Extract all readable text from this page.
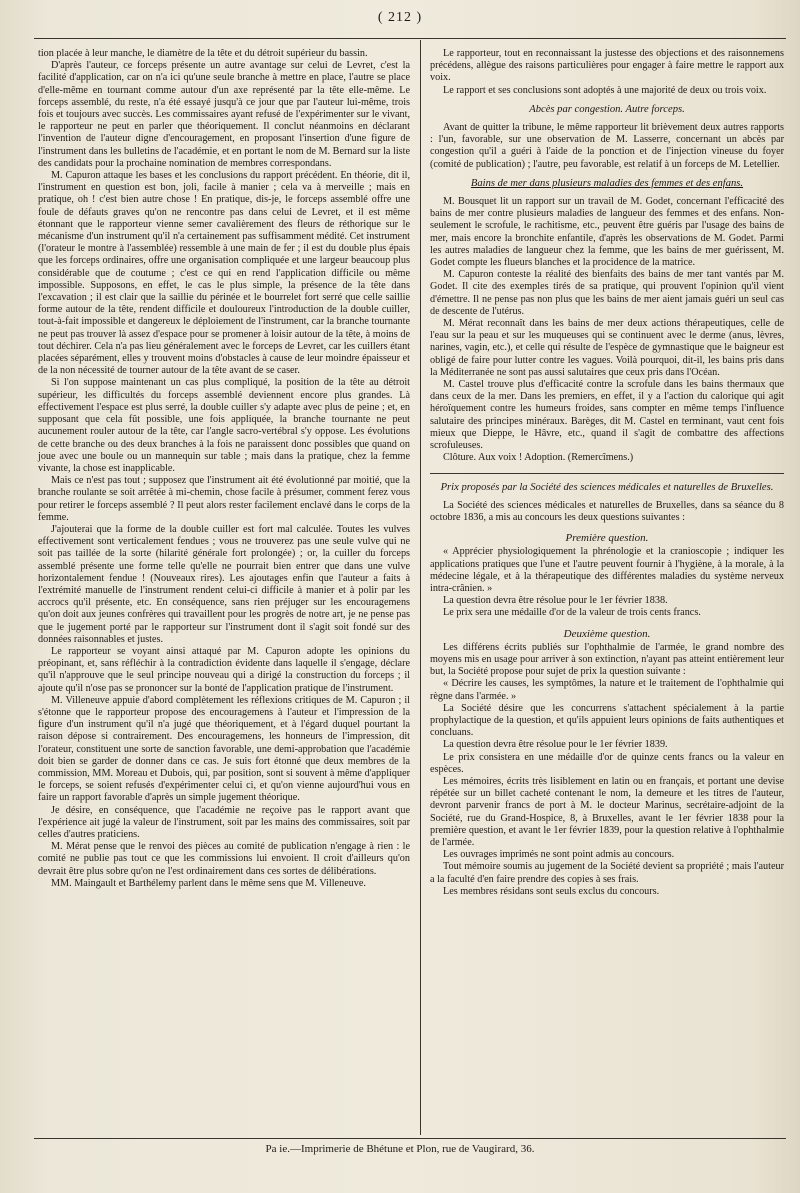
( 212 )

tion placée à leur manche, le diamètre de la tête et du détroit supérieur du bassin.

D'après l'auteur, ce forceps présente un autre avantage sur celui de Levret, c'est la facilité d'application, car on n'a ici qu'une seule branche à mettre en place, l'autre se place d'elle-même en tournant comme autour d'un axe représenté par la tête elle-même. Le forceps assemblé, du reste, n'a été essayé jusqu'à ce jour que par l'auteur lui-même, trois fois et toujours avec succès. Les commissaires ayant refusé de l'expérimenter sur le vivant, le rapporteur ne peut en parler que théoriquement. Il conclut néanmoins en déclarant l'invention de l'auteur digne d'encouragement, en proposant l'insertion d'une figure de l'instrument dans les bulletins de l'académie, et en portant le nom de M. Bernard sur la liste des candidats pour la prochaine nomination de membres correspondans.

M. Capuron attaque les bases et les conclusions du rapport précédent. En théorie, dit il, l'instrument en question est bon, joli, facile à manier ; cela va à merveille ; mais en pratique, oh ! c'est bien autre chose ! En pratique, dis-je, le forceps assemblé offre une foule de défauts graves qu'on ne rencontre pas dans celui de Levret, et il est même étonnant que le rapporteur vienne semer cavalièrement des fleurs de réthorique sur le mécanisme d'un instrument qu'il n'a certainement pas suffisamment médité. Cet instrument (l'orateur le montre à l'assemblée) ressemble à une main de fer ; il est du double plus épais que les forceps ordinaires, offre une organisation compliquée et une largeur beaucoup plus considérable que de coutume ; c'est ce qui en rend l'application difficile ou même impossible. Supposons, en effet, le cas le plus simple, la présence de la tête dans l'excavation ; il est clair que la saillie du périnée et le bourrelet fort serré que celle saillie forme autour de la tête, rendent difficile et douloureux l'introduction de la double cuiller, tout-à-fait impossible et dangereux le déploiement de l'instrument, car la branche tournante ne peut pas trouver là assez d'espace pour se promener à loisir autour de la tête, à moins de tout déchirer. Cela n'a pas lieu généralement avec le forceps de Levret, car les cuillers étant placées séparément, elles y trouvent moins d'obstacles à cause de leur moindre épaisseur et de la non nécessité de tourner autour de la tête avant de se caser.

Si l'on suppose maintenant un cas plus compliqué, la position de la tête au détroit supérieur, les difficultés du forceps assemblé deviennent encore plus grandes. Là effectivement l'espace est plus serré, la double cuiller s'y adapte avec plus de peine ; et, en supposant que cela fût possible, une fois appliquée, la branche tournante ne peut aucunement rouler autour de la tête, car l'angle sacro-vertébral s'y oppose. Les évolutions de cette branche ou des deux branches à la fois ne paraissent donc possibles que quand on joue avec une boule ou un mannequin sur table ; mais dans la pratique, chez la femme vivante, la chose est inapplicable.

Mais ce n'est pas tout ; supposez que l'instrument ait été évolutionné par moitié, que la branche roulante se soit arrêtée à mi-chemin, chose facile à présumer, comment ferez vous pour retirer le forceps assemblé ? Il peut alors rester facilement enclavé dans le corps de la femme.

J'ajouterai que la forme de la double cuiller est fort mal calculée. Toutes les vulves effectivement sont verticalement fendues ; vous ne trouverez pas une seule vulve qui ne soit pas taillée de la sorte (hilarité générale fort prolongée) ; or, la cuiller du forceps assemblé présente une forme telle qu'elle ne pourrait bien entrer que dans une vulve horizontalement fendue ! (Nouveaux rires). Les ajoutages enfin que l'auteur a faits à l'extrémité manuelle de l'instrument rendent celui-ci difficile à manier et à polir par les accrocs qu'il présente, etc. En conséquence, sans rien préjuger sur les encouragemens qu'on doit aux jeunes confrères qui travaillent pour les progrès de notre art, je ne pense pas que le jugement porté par le rapporteur sur l'instrument dont il s'agit soit fondé sur des données raisonnables et justes.

Le rapporteur se voyant ainsi attaqué par M. Capuron adopte les opinions du préopinant, et, sans réfléchir à la contradiction évidente dans laquelle il s'engage, déclare qu'il n'approuve que le seul principe nouveau qui a dirigé la construction du forceps ; il ajoute qu'il n'ose pas se prononcer sur la bonté de l'application pratique de l'instrument.

M. Villeneuve appuie d'abord complètement les réflexions critiques de M. Capuron ; il s'étonne que le rapporteur propose des encouragemens à l'auteur et l'impression de la figure d'un instrument qu'il n'a jugé que théoriquement, et à l'égard duquel pourtant la raison dépose si contrairement. Des encouragemens, les honneurs de l'impression, dit l'orateur, constituent une sorte de sanction favorable, une demi-approbation que l'académie doit bien se garder de donner dans ce cas. Je suis fort étonné que deux membres de la commission, MM. Moreau et Dubois, qui, par position, sont si souvent à même d'appliquer le forceps, se soient refusés d'expérimenter celui ci, et qu'on vienne aujourd'hui vous en faire un rapport favorable d'après un simple jugement théorique.

Je désire, en conséquence, que l'académie ne reçoive pas le rapport avant que l'expérience ait jugé la valeur de l'instrument, soit par les mains des commissaires, soit par celles d'autres praticiens.

M. Mérat pense que le renvoi des pièces au comité de publication n'engage à rien : le comité ne publie pas tout ce que les commissions lui envoient. Il croit d'ailleurs qu'on devrait être plus sobre qu'on ne l'est ordinairement dans ces sortes de délibérations.

MM. Maingault et Barthélemy parlent dans le même sens que M. Villeneuve.

Le rapporteur, tout en reconnaissant la justesse des objections et des raisonnemens précédens, allègue des raisons particulières pour engager à faire mettre le rapport aux voix.

Le rapport et ses conclusions sont adoptés à une majorité de deux ou trois voix.

Abcès par congestion. Autre forceps.

Avant de quitter la tribune, le même rapporteur lit brièvement deux autres rapports : l'un, favorable, sur une observation de M. Lasserre, concernant un abcès par congestion qu'il a guéri à l'aide de la ponction et de l'injection vineuse du foyer (comité de publication) ; l'autre, peu favorable, est relatif à un forceps de M. Letellier.

Bains de mer dans plusieurs maladies des femmes et des enfans.

M. Bousquet lit un rapport sur un travail de M. Godet, concernant l'efficacité des bains de mer contre plusieurs maladies de langueur des femmes et des enfans. Non-seulement le scrofule, le rachitisme, etc., peuvent être guéris par l'usage des bains de mer, mais encore la bronchite enfantile, d'après les observations de M. Godet. Parmi les autres maladies de langueur chez la femme, que les bains de mer guérissent, M. Godet compte les flueurs blanches et la procidence de la matrice.

M. Capuron conteste la réalité des bienfaits des bains de mer tant vantés par M. Godet. Il cite des exemples tirés de sa pratique, qui prouvent l'opinion qu'il vient d'émettre. Il ne pense pas non plus que les bains de mer aient jamais guéri un seul cas de descente de l'utérus.

M. Mérat reconnaît dans les bains de mer deux actions thérapeutiques, celle de l'eau sur la peau et sur les muqueuses qui se continuent avec le derme (anus, lèvres, narines, vagin, etc.), et celle qui résulte de l'espèce de gymnastique que le baigneur est obligé de faire pour lutter contre les vagues. Voilà pourquoi, dit-il, les bains pris dans la Méditerranée ne sont pas aussi salutaires que ceux pris dans l'Océan.

M. Castel trouve plus d'efficacité contre la scrofule dans les bains thermaux que dans ceux de la mer. Dans les premiers, en effet, il y a l'action du calorique qui agit héroïquement contre les humeurs froides, sans compter en même temps l'influence salutaire des principes minéraux. Barèges, dit M. Castel en terminant, vaut cent fois mieux que Dieppe, le Hâvre, etc., quand il s'agit de combattre des affections scrofuleuses.

Clôture. Aux voix ! Adoption. (Remercîmens.)

Prix proposés par la Société des sciences médicales et naturelles de Bruxelles.

La Société des sciences médicales et naturelles de Bruxelles, dans sa séance du 8 octobre 1836, a mis au concours les deux questions suivantes :

Première question.

« Apprécier physiologiquement la phrénologie et la cranioscopie ; indiquer les applications pratiques que l'une et l'autre peuvent fournir à l'hygiène, à la morale, à la médecine légale, et à la thérapeutique des différentes maladies du système nerveux intra-crânien. »

La question devra être résolue pour le 1er février 1838.

Le prix sera une médaille d'or de la valeur de trois cents francs.

Deuxième question.

Les différens écrits publiés sur l'ophthalmie de l'armée, le grand nombre des moyens mis en usage pour arriver à son extinction, n'ayant pas atteint entièrement leur but, la Société propose pour sujet de prix la question suivante :

« Décrire les causes, les symptômes, la nature et le traitement de l'ophthalmie qui règne dans l'armée. »

La Société désire que les concurrens s'attachent spécialement à la partie prophylactique de la question, et qu'ils appuient leurs opinions de faits authentiques et concluans.

La question devra être résolue pour le 1er février 1839.

Le prix consistera en une médaille d'or de quinze cents francs ou la valeur en espèces.

Les mémoires, écrits très lisiblement en latin ou en français, et portant une devise répétée sur un billet cacheté contenant le nom, la demeure et les titres de l'auteur, devront parvenir francs de port à M. le docteur Marinus, secrétaire-adjoint de la Société, rue du Grand-Hospice, 8, à Bruxelles, avant le 1er février 1838 pour la première question, et avant le 1er février 1839, pour la question relative à l'ophthalmie de l'armée.

Les ouvrages imprimés ne sont point admis au concours.

Tout mémoire soumis au jugement de la Société devient sa propriété ; mais l'auteur a la faculté d'en faire prendre des copies à ses frais.

Les membres résidans sont seuls exclus du concours.

Pa ie.—Imprimerie de Bhétune et Plon, rue de Vaugirard, 36.
